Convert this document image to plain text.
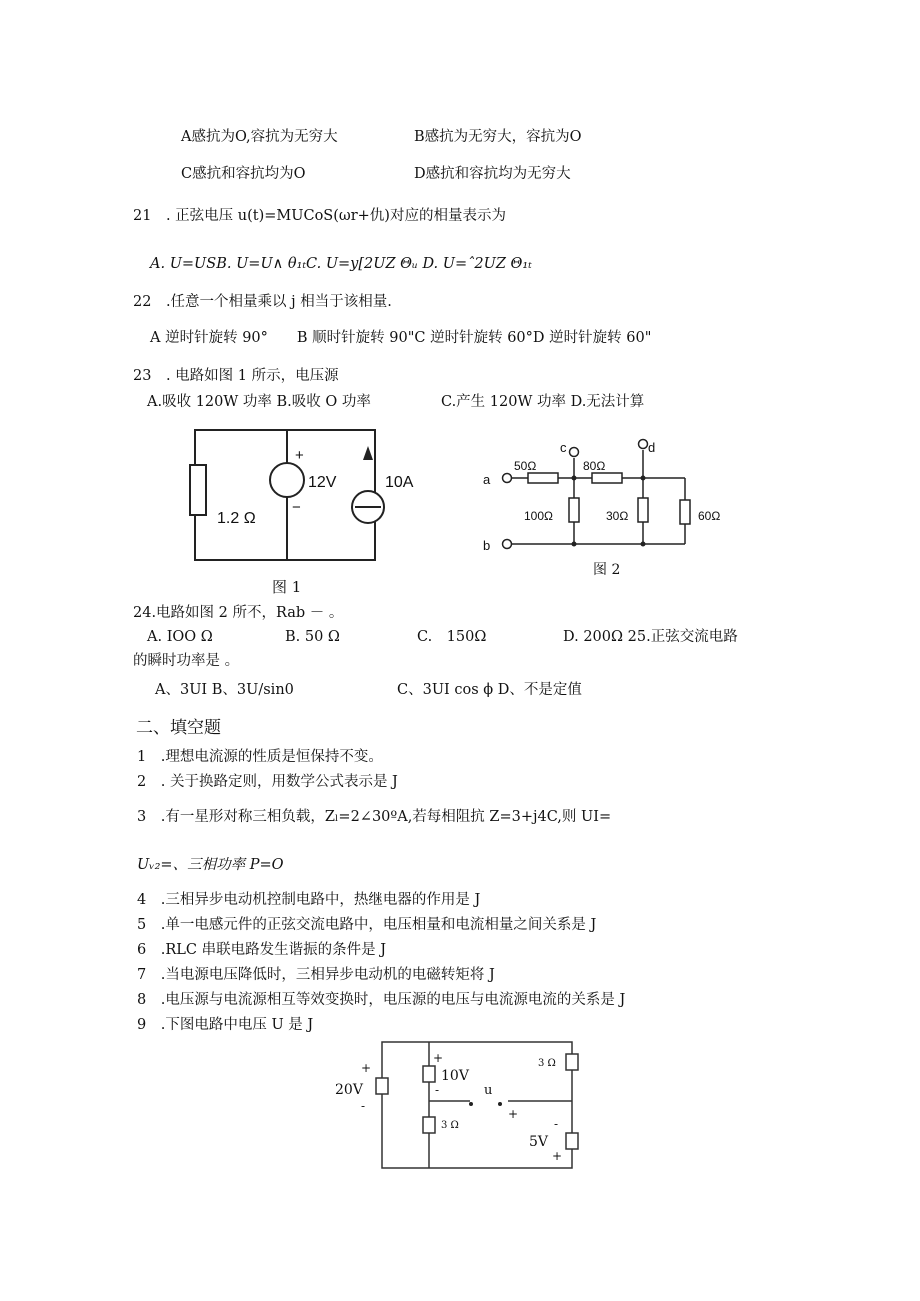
A感抗为O,容抗为无穷大	B感抗为无穷大，容抗为O
C感抗和容抗均为O	D感抗和容抗均为无穷大
21　. 正弦电压 u(t)=MUCoS(ωr+仇)对应的相量表示为
A. U=USB. U=U∧ θ₁ₜC. U=y[2UZ Θᵤ D. U=ˆ2UZ Θ₁ₜ
22　.任意一个相量乘以 j 相当于该相量.
A 逆时针旋转 90°　　B 顺时针旋转 90"C 逆时针旋转 60°D 逆时针旋转 60"
23　. 电路如图 1 所示，电压源
A.吸收 120W 功率 B.吸收 O 功率	C.产生 120W 功率 D.无法计算
+
−
12V	10A
1.2 Ω
图 1
a
b
c	d
50Ω	80Ω
100Ω	30Ω	60Ω
图 2
24.电路如图 2 所不，Rab － 。
A. IOO Ω	B. 50 Ω	C.　150Ω	D. 200Ω 25.正弦交流电路
的瞬时功率是 。
A、3UI B、3U/sin0	C、3UI cos ϕ D、不是定值
二、填空题
1　.理想电流源的性质是恒保持不变。
2　. 关于换路定则，用数学公式表示是 J
3　.有一星形对称三相负载，Zₗ=2∠30ºA,若每相阻抗 Z=3+j4C,则 UI=
Uᵥ₂=、三相功率 P=O
4　.三相异步电动机控制电路中，热继电器的作用是 J
5　.单一电感元件的正弦交流电路中，电压相量和电流相量之间关系是 J
6　.RLC 串联电路发生谐振的条件是 J
7　.当电源电压降低时，三相异步电动机的电磁转矩将 J
8　.电压源与电流源相互等效变换时，电压源的电压与电流源电流的关系是 J
9　.下图电路中电压 U 是 J
+
20V
-
+
10V
-	u
3 Ω
3 Ω
+
-
5V
+
